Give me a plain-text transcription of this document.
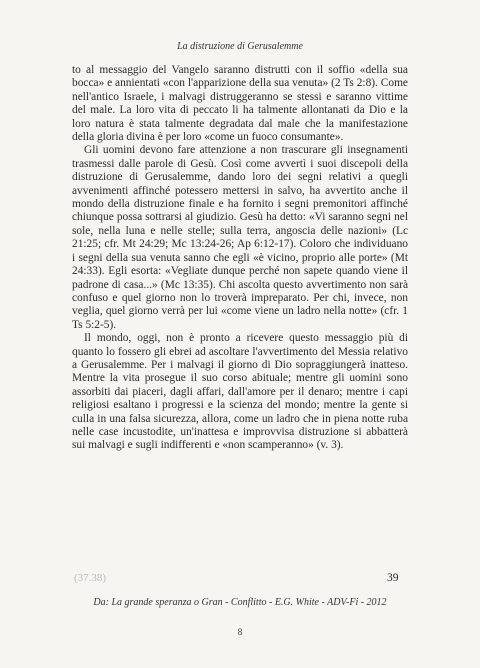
La distruzione di Gerusalemme

to al messaggio del Vangelo saranno distrutti con il soffio «della sua bocca» e annientati «con l'apparizione della sua venuta» (2 Ts 2:8). Come nell'antico Israele, i malvagi distruggeranno se stessi e saranno vittime del male. La loro vita di peccato li ha talmente allontanati da Dio e la loro natura è stata talmente degradata dal male che la manifestazione della gloria divina è per loro «come un fuoco consumante».

Gli uomini devono fare attenzione a non trascurare gli insegnamenti trasmessi dalle parole di Gesù. Così come avvertì i suoi discepoli della distruzione di Gerusalemme, dando loro dei segni relativi a quegli avvenimenti affinché potessero mettersi in salvo, ha avvertito anche il mondo della distruzione finale e ha fornito i segni premonitori affinché chiunque possa sottrarsi al giudizio. Gesù ha detto: «Vi saranno segni nel sole, nella luna e nelle stelle; sulla terra, angoscia delle nazioni» (Lc 21:25; cfr. Mt 24:29; Mc 13:24-26; Ap 6:12-17). Coloro che individuano i segni della sua venuta sanno che egli «è vicino, proprio alle porte» (Mt 24:33). Egli esorta: «Vegliate dunque perché non sapete quando viene il padrone di casa...» (Mc 13:35). Chi ascolta questo avvertimento non sarà confuso e quel giorno non lo troverà impreparato. Per chi, invece, non veglia, quel giorno verrà per lui «come viene un ladro nella notte» (cfr. 1 Ts 5:2-5).

Il mondo, oggi, non è pronto a ricevere questo messaggio più di quanto lo fossero gli ebrei ad ascoltare l'avvertimento del Messia relativo a Gerusalemme. Per i malvagi il giorno di Dio sopraggiungerà inatteso. Mentre la vita prosegue il suo corso abituale; mentre gli uomini sono assorbiti dai piaceri, dagli affari, dall'amore per il denaro; mentre i capi religiosi esaltano i progressi e la scienza del mondo; mentre la gente si culla in una falsa sicurezza, allora, come un ladro che in piena notte ruba nelle case incustodite, un'inattesa e improvvisa distruzione si abbatterà sui malvagi e sugli indifferenti e «non scamperanno» (v. 3).

(37.38)	39
Da: La grande speranza o Gran - Conflitto - E.G. White - ADV-Fi - 2012
8
